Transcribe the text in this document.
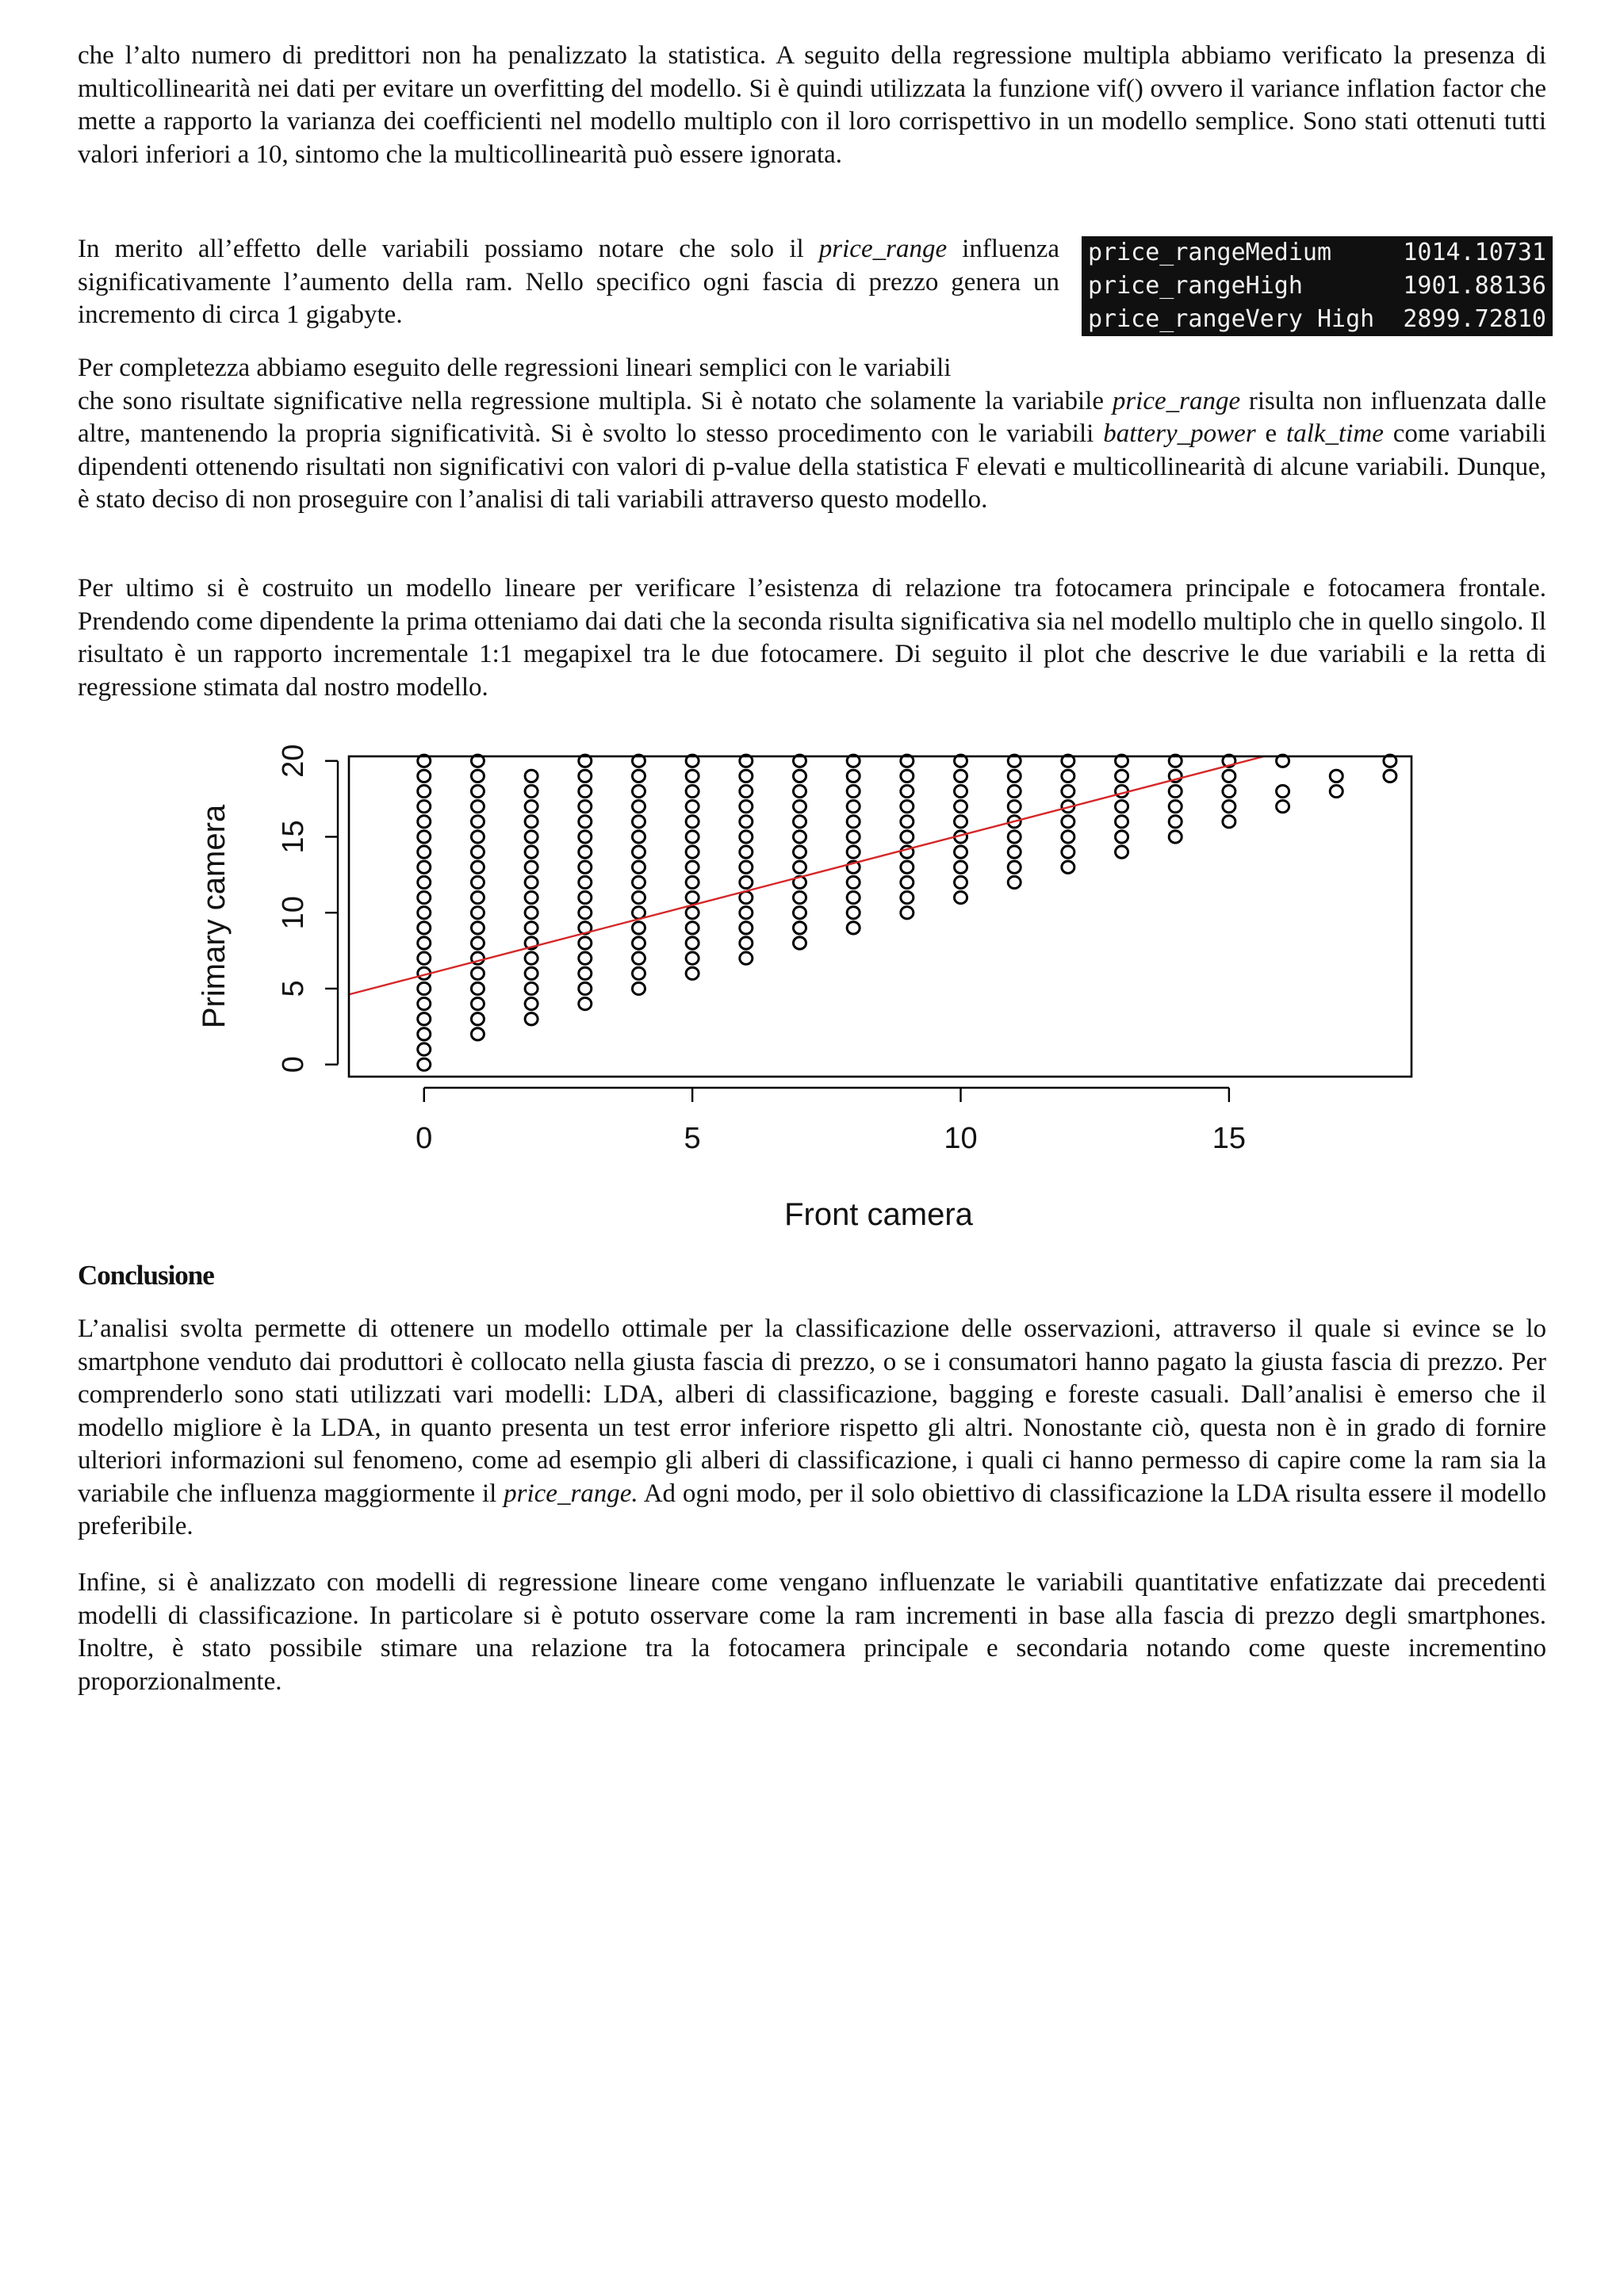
che l’alto numero di predittori non ha penalizzato la statistica. A seguito della regressione multipla abbiamo verificato la presenza di multicollinearità nei dati per evitare un overfitting del modello. Si è quindi utilizzata la funzione vif() ovvero il variance inflation factor che mette a rapporto la varianza dei coefficienti nel modello multiplo con il loro corrispettivo in un modello semplice. Sono stati ottenuti tutti valori inferiori a 10, sintomo che la multicollinearità può essere ignorata.

In merito all’effetto delle variabili possiamo notare che solo il price_range influenza significativamente l’aumento della ram. Nello specifico ogni fascia di prezzo genera un incremento di circa 1 gigabyte.

price_rangeMedium	1014.10731
price_rangeHigh	1901.88136
price_rangeVery High 2899.72810

Per completezza abbiamo eseguito delle regressioni lineari semplici con le variabili

che sono risultate significative nella regressione multipla. Si è notato che solamente la variabile price_range risulta non influenzata dalle altre, mantenendo la propria significatività. Si è svolto lo stesso procedimento con le variabili battery_power e talk_time come variabili dipendenti ottenendo risultati non significativi con valori di p-value della statistica F elevati e multicollinearità di alcune variabili. Dunque, è stato deciso di non proseguire con l’analisi di tali variabili attraverso questo modello.

Per ultimo si è costruito un modello lineare per verificare l’esistenza di relazione tra fotocamera principale e fotocamera frontale. Prendendo come dipendente la prima otteniamo dai dati che la seconda risulta significativa sia nel modello multiplo che in quello singolo. Il risultato è un rapporto incrementale 1:1 megapixel tra le due fotocamere. Di seguito il plot che descrive le due variabili e la retta di regressione stimata dal nostro modello.

0	5	10	15
0
5
10
15
20
Front camera
Primary camera
Conclusione

L’analisi svolta permette di ottenere un modello ottimale per la classificazione delle osservazioni, attraverso il quale si evince se lo smartphone venduto dai produttori è collocato nella giusta fascia di prezzo, o se i consumatori hanno pagato la giusta fascia di prezzo. Per comprenderlo sono stati utilizzati vari modelli: LDA, alberi di classificazione, bagging e foreste casuali. Dall’analisi è emerso che il modello migliore è la LDA, in quanto presenta un test error inferiore rispetto gli altri. Nonostante ciò, questa non è in grado di fornire ulteriori informazioni sul fenomeno, come ad esempio gli alberi di classificazione, i quali ci hanno permesso di capire come la ram sia la variabile che influenza maggiormente il price_range. Ad ogni modo, per il solo obiettivo di classificazione la LDA risulta essere il modello preferibile.

Infine, si è analizzato con modelli di regressione lineare come vengano influenzate le variabili quantitative enfatizzate dai precedenti modelli di classificazione. In particolare si è potuto osservare come la ram incrementi in base alla fascia di prezzo degli smartphones. Inoltre, è stato possibile stimare una relazione tra la fotocamera principale e secondaria notando come queste incrementino proporzionalmente.
